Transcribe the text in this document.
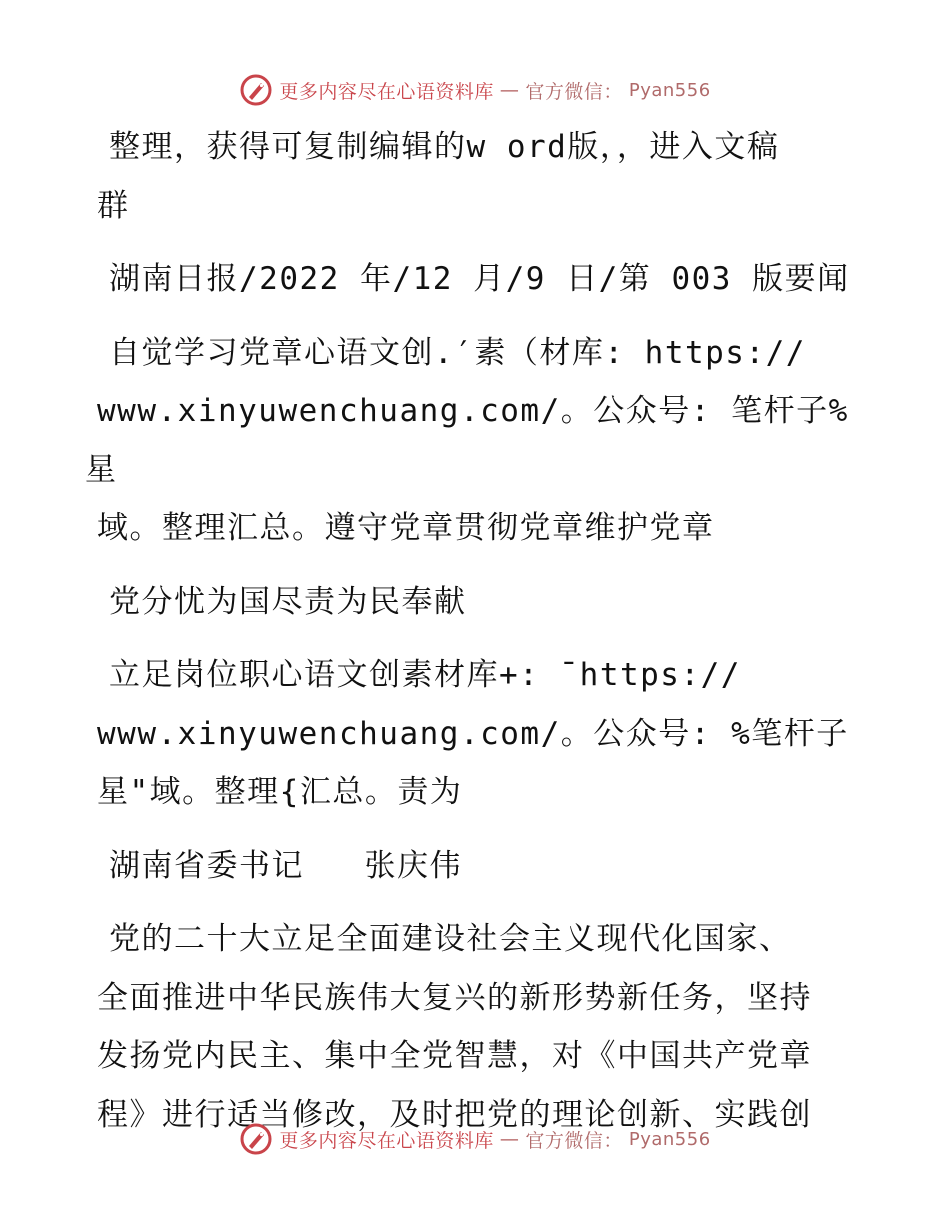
更多内容尽在心语资料库 — 官方微信： Pyan556

整理，获得可复制编辑的w ord版，，进入文稿
群

湖南日报/2022 年/12 月/9 日/第 003 版要闻

自觉学习党章心语文创.′素（材库: https://
www.xinyuwenchuang.com/。公众号: 笔杆子%星
域。整理汇总。遵守党章贯彻党章维护党章

党分忧为国尽责为民奉献

立足岗位职心语文创素材库+: ¯https://
www.xinyuwenchuang.com/。公众号: %笔杆子
星"域。整理{汇总。责为

湖南省委书记   张庆伟

党的二十大立足全面建设社会主义现代化国家、
全面推进中华民族伟大复兴的新形势新任务，坚持
发扬党内民主、集中全党智慧，对《中国共产党章
程》进行适当修改，及时把党的理论创新、实践创

更多内容尽在心语资料库 — 官方微信： Pyan556
